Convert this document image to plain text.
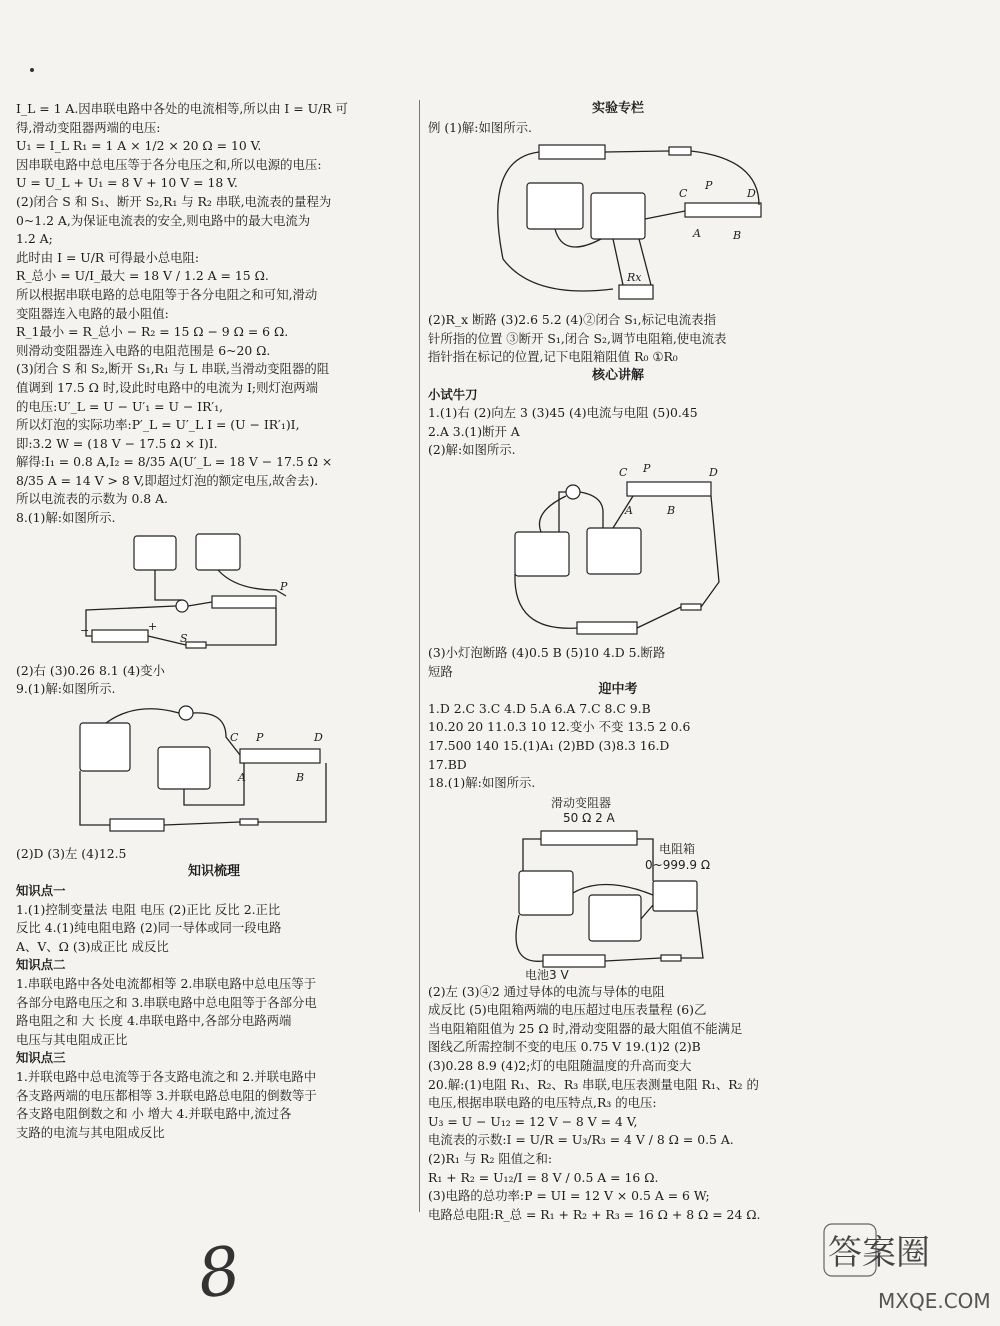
I_L = 1 A.因串联电路中各处的电流相等,所以由 I = U/R 可
得,滑动变阻器两端的电压:
U₁ = I_L R₁ = 1 A × 1/2 × 20 Ω = 10 V.
因串联电路中总电压等于各分电压之和,所以电源的电压:
U = U_L + U₁ = 8 V + 10 V = 18 V.
(2)闭合 S 和 S₁、断开 S₂,R₁ 与 R₂ 串联,电流表的量程为
0~1.2 A,为保证电流表的安全,则电路中的最大电流为
1.2 A;
此时由 I = U/R 可得最小总电阻:
R_总小 = U/I_最大 = 18 V / 1.2 A = 15 Ω.
所以根据串联电路的总电阻等于各分电阻之和可知,滑动
变阻器连入电路的最小阻值:
R_1最小 = R_总小 − R₂ = 15 Ω − 9 Ω = 6 Ω.
则滑动变阻器连入电路的电阻范围是 6~20 Ω.
(3)闭合 S 和 S₂,断开 S₁,R₁ 与 L 串联,当滑动变阻器的阻
值调到 17.5 Ω 时,设此时电路中的电流为 I;则灯泡两端
的电压:U′_L = U − U′₁ = U − IR′₁,
所以灯泡的实际功率:P′_L = U′_L I = (U − IR′₁)I,
即:3.2 W = (18 V − 17.5 Ω × I)I.
解得:I₁ = 0.8 A,I₂ = 8/35 A(U′_L = 18 V − 17.5 Ω ×
8/35 A = 14 V > 8 V,即超过灯泡的额定电压,故舍去).
所以电流表的示数为 0.8 A.
8.(1)解:如图所示.
P
S
−	+
(2)右 (3)0.26 8.1 (4)变小
9.(1)解:如图所示.
C P	D
A	B
(2)D (3)左 (4)12.5
知识梳理
知识点一
1.(1)控制变量法 电阻 电压 (2)正比 反比 2.正比
反比 4.(1)纯电阻电路 (2)同一导体或同一段电路
A、V、Ω (3)成正比 成反比
知识点二
1.串联电路中各处电流都相等 2.串联电路中总电压等于
各部分电路电压之和 3.串联电路中总电阻等于各部分电
路电阻之和 大 长度 4.串联电路中,各部分电路两端
电压与其电阻成正比
知识点三
1.并联电路中总电流等于各支路电流之和 2.并联电路中
各支路两端的电压都相等 3.并联电路总电阻的倒数等于
各支路电阻倒数之和 小 增大 4.并联电路中,流过各
支路的电流与其电阻成反比
实验专栏
例 (1)解:如图所示.
C
P
D
A	B
Rx
(2)R_x 断路 (3)2.6 5.2 (4)②闭合 S₁,标记电流表指
针所指的位置 ③断开 S₁,闭合 S₂,调节电阻箱,使电流表
指针指在标记的位置,记下电阻箱阻值 R₀ ①R₀
核心讲解
小试牛刀
1.(1)右 (2)向左 3 (3)45 (4)电流与电阻 (5)0.45
2.A 3.(1)断开 A
(2)解:如图所示.
C P	D
A	B
(3)小灯泡断路 (4)0.5 B (5)10 4.D 5.断路
短路
迎中考
1.D 2.C 3.C 4.D 5.A 6.A 7.C 8.C 9.B
10.20 20 11.0.3 10 12.变小 不变 13.5 2 0.6
17.500 140 15.(1)A₁ (2)BD (3)8.3 16.D
17.BD
18.(1)解:如图所示.
滑动变阻器
50 Ω 2 A
电阻箱
0~999.9 Ω
电池3 V
(2)左 (3)④2 通过导体的电流与导体的电阻
成反比 (5)电阻箱两端的电压超过电压表量程 (6)乙
当电阻箱阻值为 25 Ω 时,滑动变阻器的最大阻值不能满足
图线乙所需控制不变的电压 0.75 V 19.(1)2 (2)B
(3)0.28 8.9 (4)2;灯的电阻随温度的升高而变大
20.解:(1)电阻 R₁、R₂、R₃ 串联,电压表测量电阻 R₁、R₂ 的
电压,根据串联电路的电压特点,R₃ 的电压:
U₃ = U − U₁₂ = 12 V − 8 V = 4 V,
电流表的示数:I = U/R = U₃/R₃ = 4 V / 8 Ω = 0.5 A.
(2)R₁ 与 R₂ 阻值之和:
R₁ + R₂ = U₁₂/I = 8 V / 0.5 A = 16 Ω.
(3)电路的总功率:P = UI = 12 V × 0.5 A = 6 W;
电路总电阻:R_总 = R₁ + R₂ + R₃ = 16 Ω + 8 Ω = 24 Ω.
8	答案圈
MXQE.COM
